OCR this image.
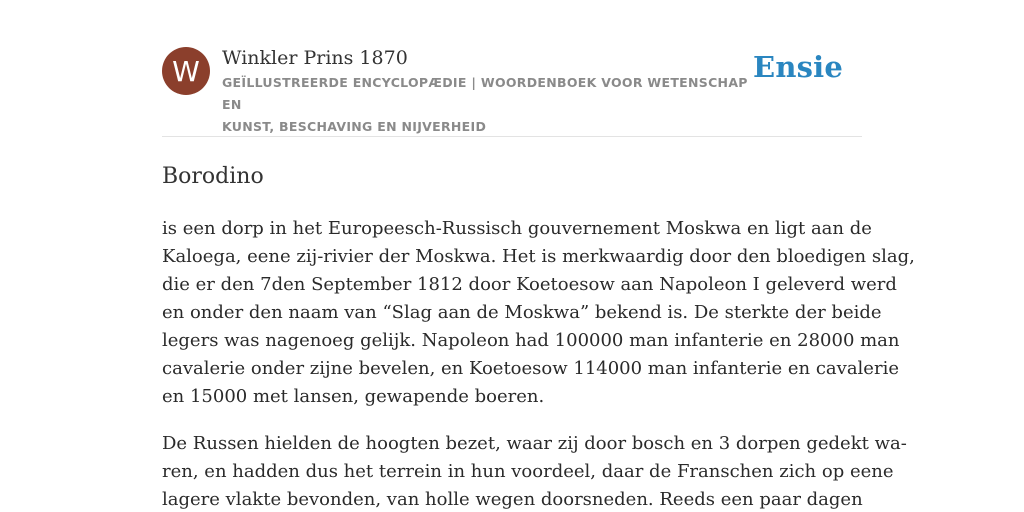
W	Winkler Prins 1870
GEÏLLUSTREERDE ENCYCLOPÆDIE | WOORDENBOEK VOOR WETENSCHAP EN
KUNST, BESCHAVING EN NIJVERHEID
Ensie
Borodino
is een dorp in het Europeesch-Russisch gouvernement Moskwa en ligt aan de
Kaloega, eene zij-rivier der Moskwa. Het is merkwaardig door den bloedigen slag,
die er den 7den September 1812 door Koetoesow aan Napoleon I geleverd werd
en onder den naam van “Slag aan de Moskwa” bekend is. De sterkte der beide
legers was nagenoeg gelijk. Napoleon had 100000 man infanterie en 28000 man
cavalerie onder zijne bevelen, en Koetoesow 114000 man infanterie en cavalerie
en 15000 met lansen, gewapende boeren.
De Russen hielden de hoogten bezet, waar zij door bosch en 3 dorpen gedekt wa-
ren, en hadden dus het terrein in hun voordeel, daar de Franschen zich op eene
lagere vlakte bevonden, van holle wegen doorsneden. Reeds een paar dagen
